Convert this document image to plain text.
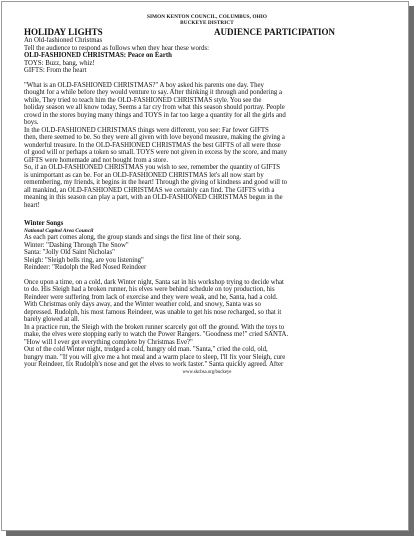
SIMON KENTON COUNCIL, COLUMBUS, OHIO
BUCKEYE DISTRICT
HOLIDAY LIGHTS	AUDIENCE PARTICIPATION
An Old-fashioned Christmas
Tell the audience to respond as follows when they hear these words:
OLD-FASHIONED CHRISTMAS: Peace on Earth
TOYS: Buzz, bang, whiz!
GIFTS: From the heart
"What is an OLD-FASHIONED CHRISTMAS?" A boy asked his parents one day. They
thought for a while before they would venture to say. After thinking it through and pondering a
while, They tried to teach him the OLD-FASHIONED CHRISTMAS style. You see the
holiday season we all know today, Seems a far cry from what this season should portray. People
crowd in the stores buying many things and TOYS in far too large a quantity for all the girls and
boys.
In the OLD-FASHIONED CHRISTMAS things were different, you see: Far fewer GIFTS
then, there seemed to be. So they were all given with love beyond measure, making the giving a
wonderful treasure. In the OLD-FASHIONED CHRISTMAS the best GIFTS of all were those
of good will or perhaps a token so small. TOYS were not given in excess by the score, and many
GIFTS were homemade and not bought from a store.
So, if an OLD-FASHIONED CHRISTMAS you wish to see, remember the quantity of GIFTS
is unimportant as can be. For an OLD-FASHIONED CHRISTMAS let's all now start by
remembering, my friends, it begins in the heart! Through the giving of kindness and good will to
all mankind, an OLD-FASHIONED CHRISTMAS we certainly can find. The GIFTS with a
meaning in this season can play a part, with an OLD-FASHIONED CHRISTMAS begun in the
heart!
Winter Songs
National Capitol Area Council
As each part comes along, the group stands and sings the first line of their song.
Winter: "Dashing Through The Snow"
Santa: "Jolly Old Saint Nicholas"
Sleigh: "Sleigh bells ring, are you listening"
Reindeer: "Rudolph the Red Nosed Reindeer
Once upon a time, on a cold, dark Winter night, Santa sat in his workshop trying to decide what
to do. His Sleigh had a broken runner, his elves were behind schedule on toy production, his
Reindeer were suffering from lack of exercise and they were weak, and he, Santa, had a cold.
With Christmas only days away, and the Winter weather cold, and snowy, Santa was so
depressed. Rudolph, his most famous Reindeer, was unable to get his nose recharged, so that it
barely glowed at all.
In a practice run, the Sleigh with the broken runner scarcely got off the ground. With the toys to
make, the elves were stopping early to watch the Power Rangers. "Goodness me!" cried SANTA.
"How will I ever get everything complete by Christmas Eve?"
Out of the cold Winter night, trudged a cold, hungry old man. "Santa," cried the cold, old,
hungry man. "If you will give me a hot meal and a warm place to sleep, I'll fix your Sleigh, cure
your Reindeer, fix Rudolph's nose and get the elves to work faster." Santa quickly agreed. After
www.skcbsa.org/buckeye
